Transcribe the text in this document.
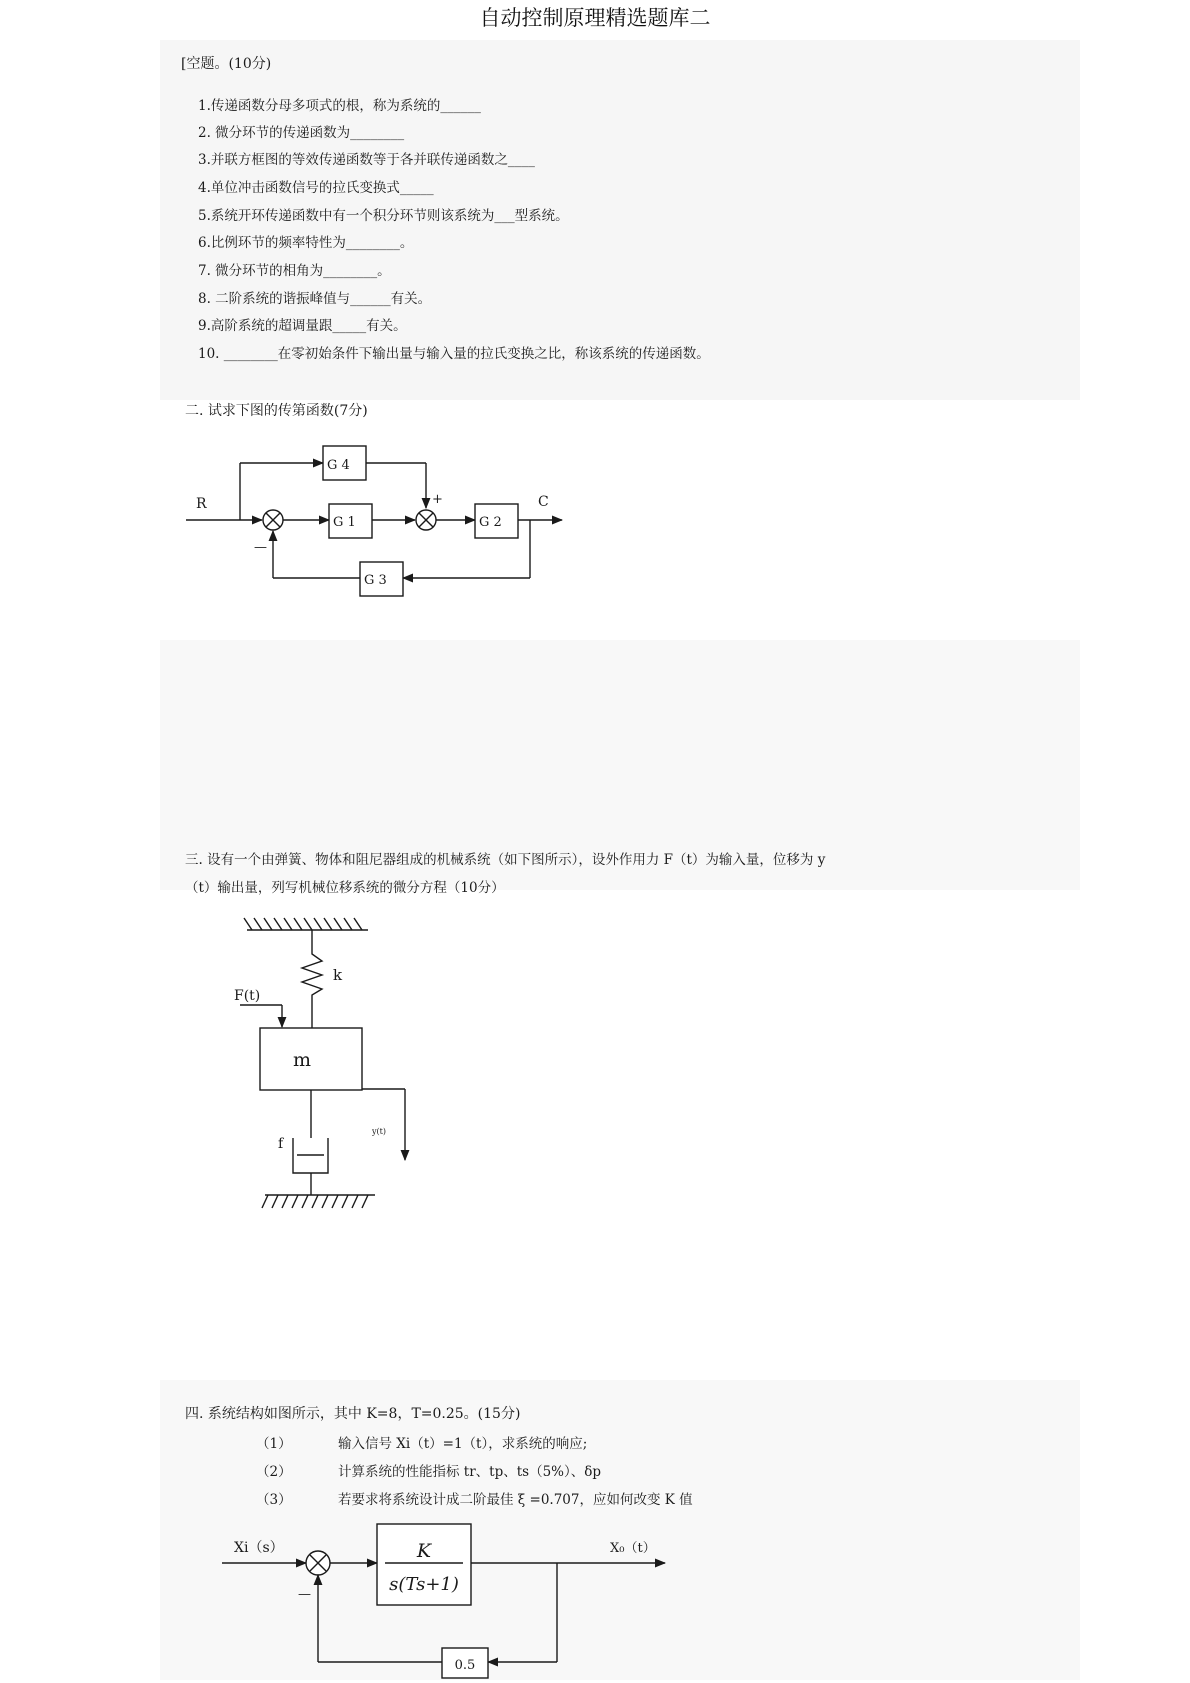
自动控制原理精选题库二
[空题。(10分)
1.传递函数分母多项式的根，称为系统的______
2. 微分环节的传递函数为________
3.并联方框图的等效传递函数等于各并联传递函数之____
4.单位冲击函数信号的拉氏变换式_____
5.系统开环传递函数中有一个积分环节则该系统为___型系统。
6.比例环节的频率特性为________。
7. 微分环节的相角为________。
8. 二阶系统的谐振峰值与______有关。
9.高阶系统的超调量跟_____有关。
10. ________在零初始条件下输出量与输入量的拉氏变换之比，称该系统的传递函数。
二. 试求下图的传第函数(7分)
三. 设有一个由弹簧、物体和阻尼器组成的机械系统（如下图所示），设外作用力 F（t）为输入量，位移为 y
（t）输出量，列写机械位移系统的微分方程（10分）
四. 系统结构如图所示，其中 K=8，T=0.25。(15分)
（1）	输入信号 Xi（t）=1（t），求系统的响应;
（2）	计算系统的性能指标 tr、tp、ts（5%）、δp
（3）	若要求将系统设计成二阶最佳 ξ =0.707，应如何改变 K 值
R	C
+
—
G 1	G 2
G 3
G 4
k
F(t)
m
f
y(t)
Xi（s）	X₀（t）
K
s(Ts+1)
0.5
—
